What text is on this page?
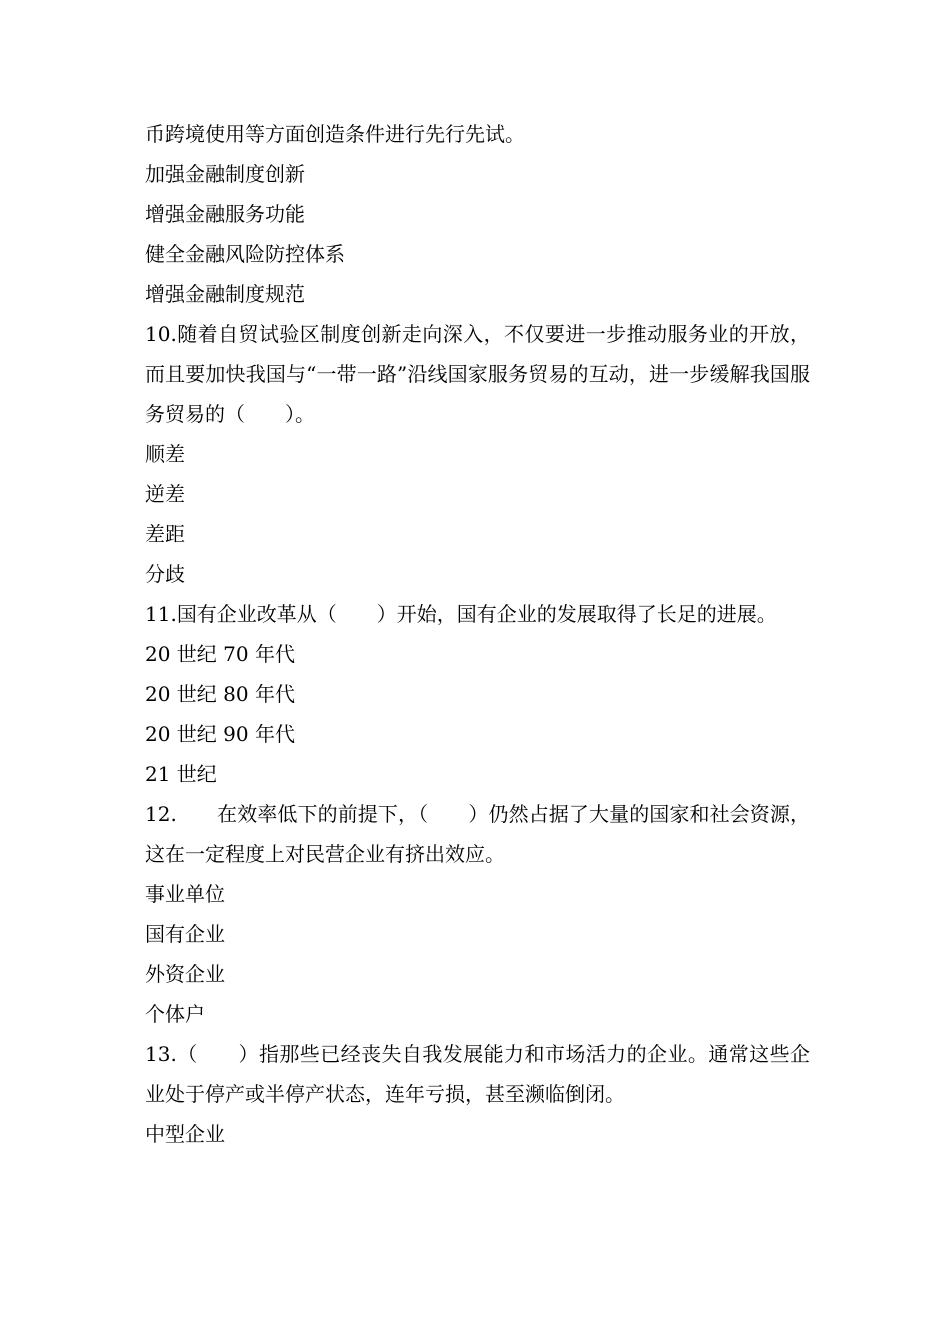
币跨境使用等方面创造条件进行先行先试。

加强金融制度创新

增强金融服务功能

健全金融风险防控体系

增强金融制度规范

10.随着自贸试验区制度创新走向深入，不仅要进一步推动服务业的开放，而且要加快我国与“一带一路”沿线国家服务贸易的互动，进一步缓解我国服务贸易的（　　）。

顺差

逆差

差距

分歧

11.国有企业改革从（　　）开始，国有企业的发展取得了长足的进展。

20 世纪 70 年代

20 世纪 80 年代

20 世纪 90 年代

21 世纪

12.　　在效率低下的前提下，（　　）仍然占据了大量的国家和社会资源，这在一定程度上对民营企业有挤出效应。

事业单位

国有企业

外资企业

个体户

13.（　　）指那些已经丧失自我发展能力和市场活力的企业。通常这些企业处于停产或半停产状态，连年亏损，甚至濒临倒闭。

中型企业
